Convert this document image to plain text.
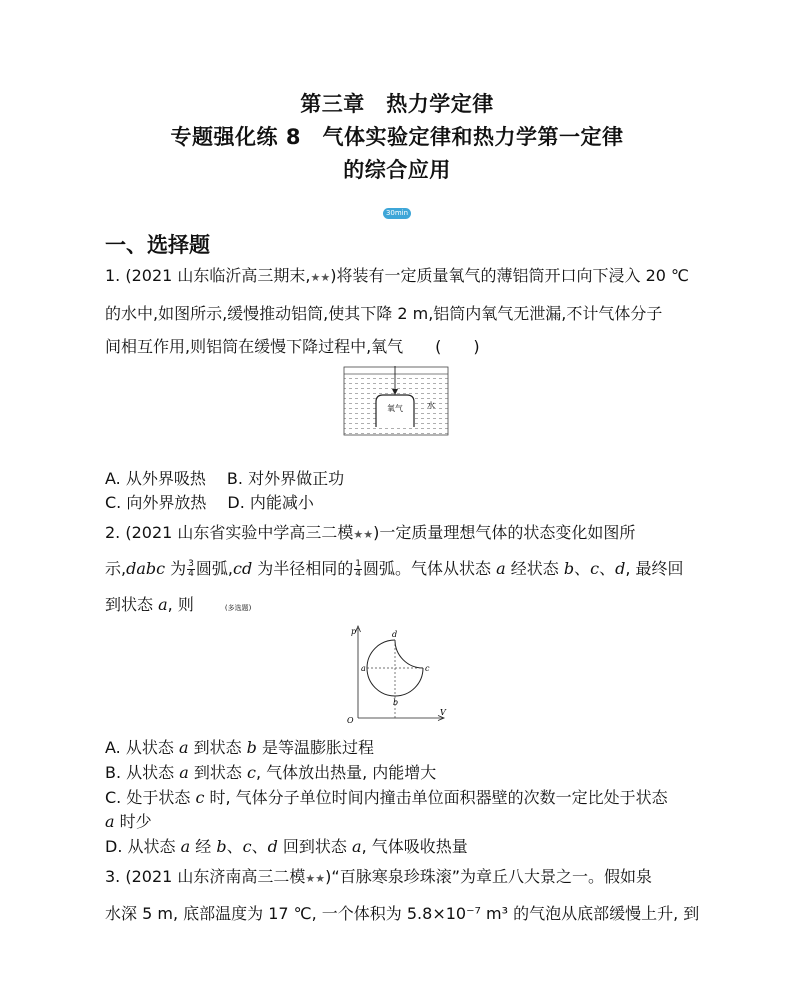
第三章　热力学定律
专题强化练 8　气体实验定律和热力学第一定律
的综合应用
30min
一、选择题
1. (2021 山东临沂高三期末,★★)将装有一定质量氧气的薄铝筒开口向下浸入 20 ℃
的水中,如图所示,缓慢推动铝筒,使其下降 2 m,铝筒内氧气无泄漏,不计气体分子
间相互作用,则铝筒在缓慢下降过程中,氧气　　(　　)
氧气	水
A. 从外界吸热　 B. 对外界做正功
C. 向外界放热　 D. 内能减小
2. (2021 山东省实验中学高三二模★★)一定质量理想气体的状态变化如图所
示,dabc 为 $\frac{3}{4}$ 圆弧,cd 为半径相同的 $\frac{1}{4}$ 圆弧。气体从状态 a 经状态 b、c、d, 最终回
到状态 a, 则	(多选题)
p
V
O
a
b
c
d
A. 从状态 a 到状态 b 是等温膨胀过程
B. 从状态 a 到状态 c, 气体放出热量, 内能增大
C. 处于状态 c 时, 气体分子单位时间内撞击单位面积器壁的次数一定比处于状态
a 时少
D. 从状态 a 经 b、c、d 回到状态 a, 气体吸收热量
3. (2021 山东济南高三二模★★)“百脉寒泉珍珠滚”为章丘八大景之一。假如泉
水深 5 m, 底部温度为 17 ℃, 一个体积为 5.8×10⁻⁷ m³ 的气泡从底部缓慢上升, 到
